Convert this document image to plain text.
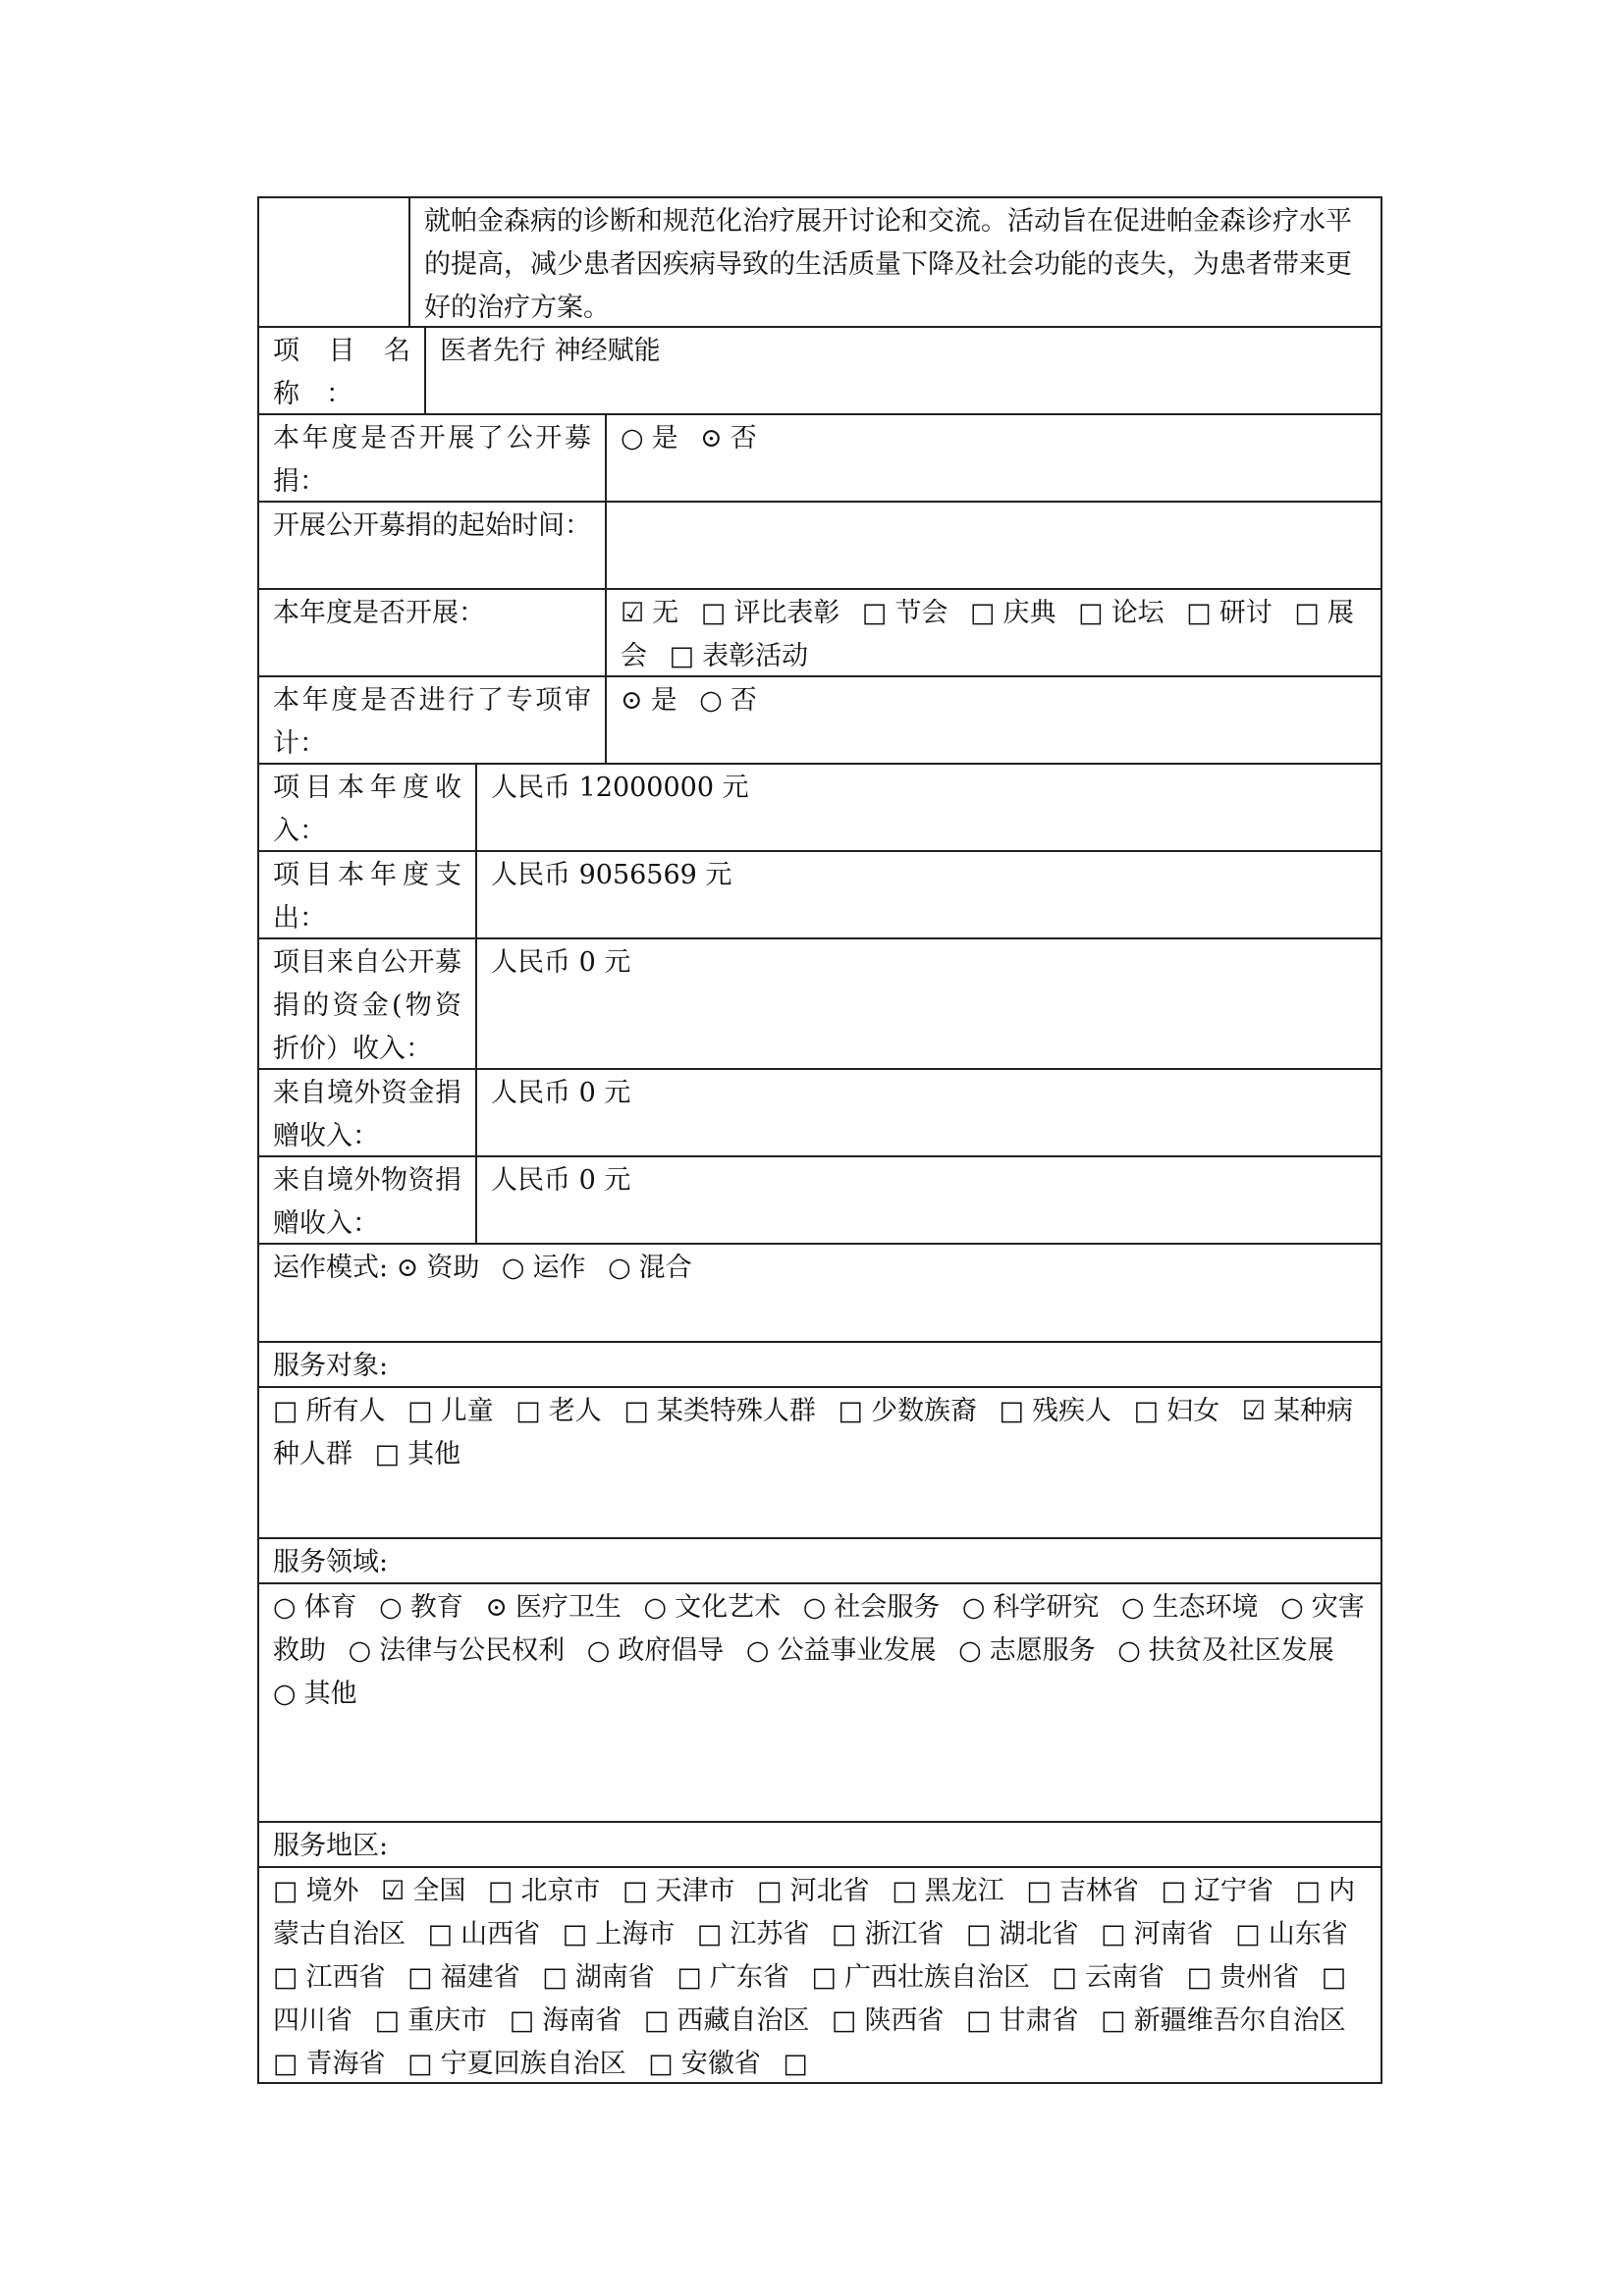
就帕金森病的诊断和规范化治疗展开讨论和交流。活动旨在促进帕金森诊疗水平的提高，减少患者因疾病导致的生活质量下降及社会功能的丧失，为患者带来更好的治疗方案。
项　目　名　称　：
医者先行 神经赋能
本年度是否开展了公开募捐：
○ 是 ⊙ 否
开展公开募捐的起始时间：
本年度是否开展：	☑ 无 □ 评比表彰 □ 节会 □ 庆典 □ 论坛 □ 研讨 □ 展会 □ 表彰活动
本年度是否进行了专项审计：
⊙ 是 ○ 否
项目本年度收入：
人民币 12000000 元
项目本年度支出：
人民币 9056569 元
项目来自公开募捐的资金(物资折价）收入：
人民币 0 元
来自境外资金捐赠收入：
人民币 0 元
来自境外物资捐赠收入：
人民币 0 元
运作模式: ⊙ 资助 ○ 运作 ○ 混合
服务对象:
□ 所有人 □ 儿童 □ 老人 □ 某类特殊人群 □ 少数族裔 □ 残疾人 □ 妇女 ☑ 某种病种人群 □ 其他
服务领域:
○ 体育 ○ 教育 ⊙ 医疗卫生 ○ 文化艺术 ○ 社会服务 ○ 科学研究 ○ 生态环境 ○ 灾害救助 ○ 法律与公民权利 ○ 政府倡导 ○ 公益事业发展 ○ 志愿服务 ○ 扶贫及社区发展 ○ 其他
服务地区:
□ 境外 ☑ 全国 □ 北京市 □ 天津市 □ 河北省 □ 黑龙江 □ 吉林省 □ 辽宁省 □ 内蒙古自治区 □ 山西省 □ 上海市 □ 江苏省 □ 浙江省 □ 湖北省 □ 河南省 □ 山东省 □ 江西省 □ 福建省 □ 湖南省 □ 广东省 □ 广西壮族自治区 □ 云南省 □ 贵州省 □四川省 □ 重庆市 □ 海南省 □ 西藏自治区 □ 陕西省 □ 甘肃省 □ 新疆维吾尔自治区 □ 青海省 □ 宁夏回族自治区 □ 安徽省 □
